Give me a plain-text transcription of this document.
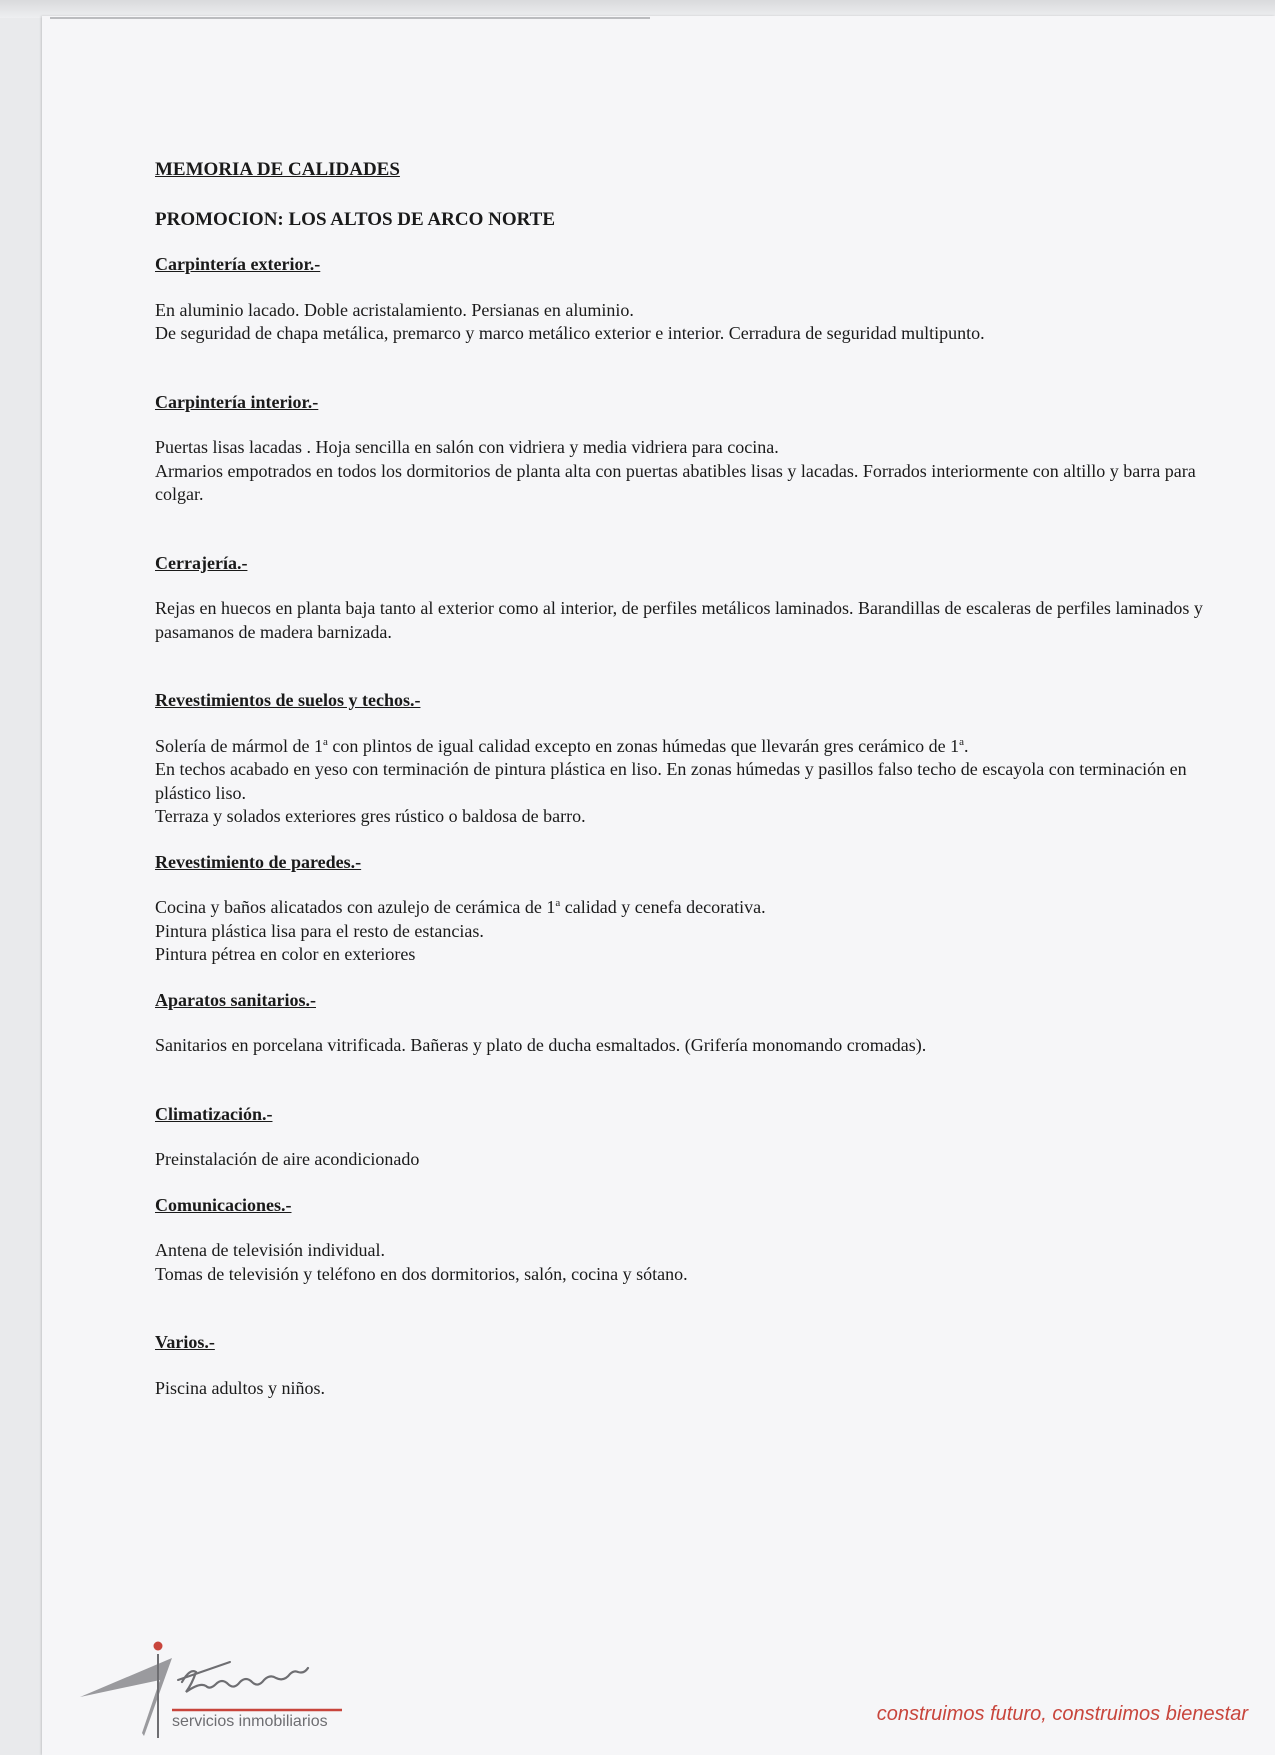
MEMORIA DE CALIDADES

PROMOCION: LOS ALTOS DE ARCO NORTE

Carpintería exterior.-

En aluminio lacado. Doble acristalamiento. Persianas en aluminio.

De seguridad de chapa metálica, premarco y marco metálico exterior e interior. Cerradura de seguridad multipunto.

Carpintería interior.-

Puertas lisas lacadas . Hoja sencilla en salón con vidriera y media vidriera para cocina.

Armarios empotrados en todos los dormitorios de planta alta con puertas abatibles lisas y lacadas. Forrados interiormente con altillo y barra para colgar.

Cerrajería.-

Rejas en huecos en planta baja tanto al exterior como al interior, de perfiles metálicos laminados. Barandillas de escaleras de perfiles laminados y pasamanos de madera barnizada.

Revestimientos de suelos y techos.-

Solería de mármol de 1$^a$ con plintos de igual calidad excepto en zonas húmedas que llevarán gres cerámico de 1$^a$.

En techos acabado en yeso con terminación de pintura plástica en liso. En zonas húmedas y pasillos falso techo de escayola con terminación en plástico liso.

Terraza y solados exteriores gres rústico o baldosa de barro.

Revestimiento de paredes.-

Cocina y baños alicatados con azulejo de cerámica de 1$^a$ calidad y cenefa decorativa.

Pintura plástica lisa para el resto de estancias.

Pintura pétrea en color en exteriores

Aparatos sanitarios.-

Sanitarios en porcelana vitrificada. Bañeras y plato de ducha esmaltados. (Grifería monomando cromadas).

Climatización.-

Preinstalación de aire acondicionado

Comunicaciones.-

Antena de televisión individual.

Tomas de televisión y teléfono en dos dormitorios, salón, cocina y sótano.

Varios.-

Piscina adultos y niños.

servicios inmobiliarios	construimos futuro, construimos bienestar
